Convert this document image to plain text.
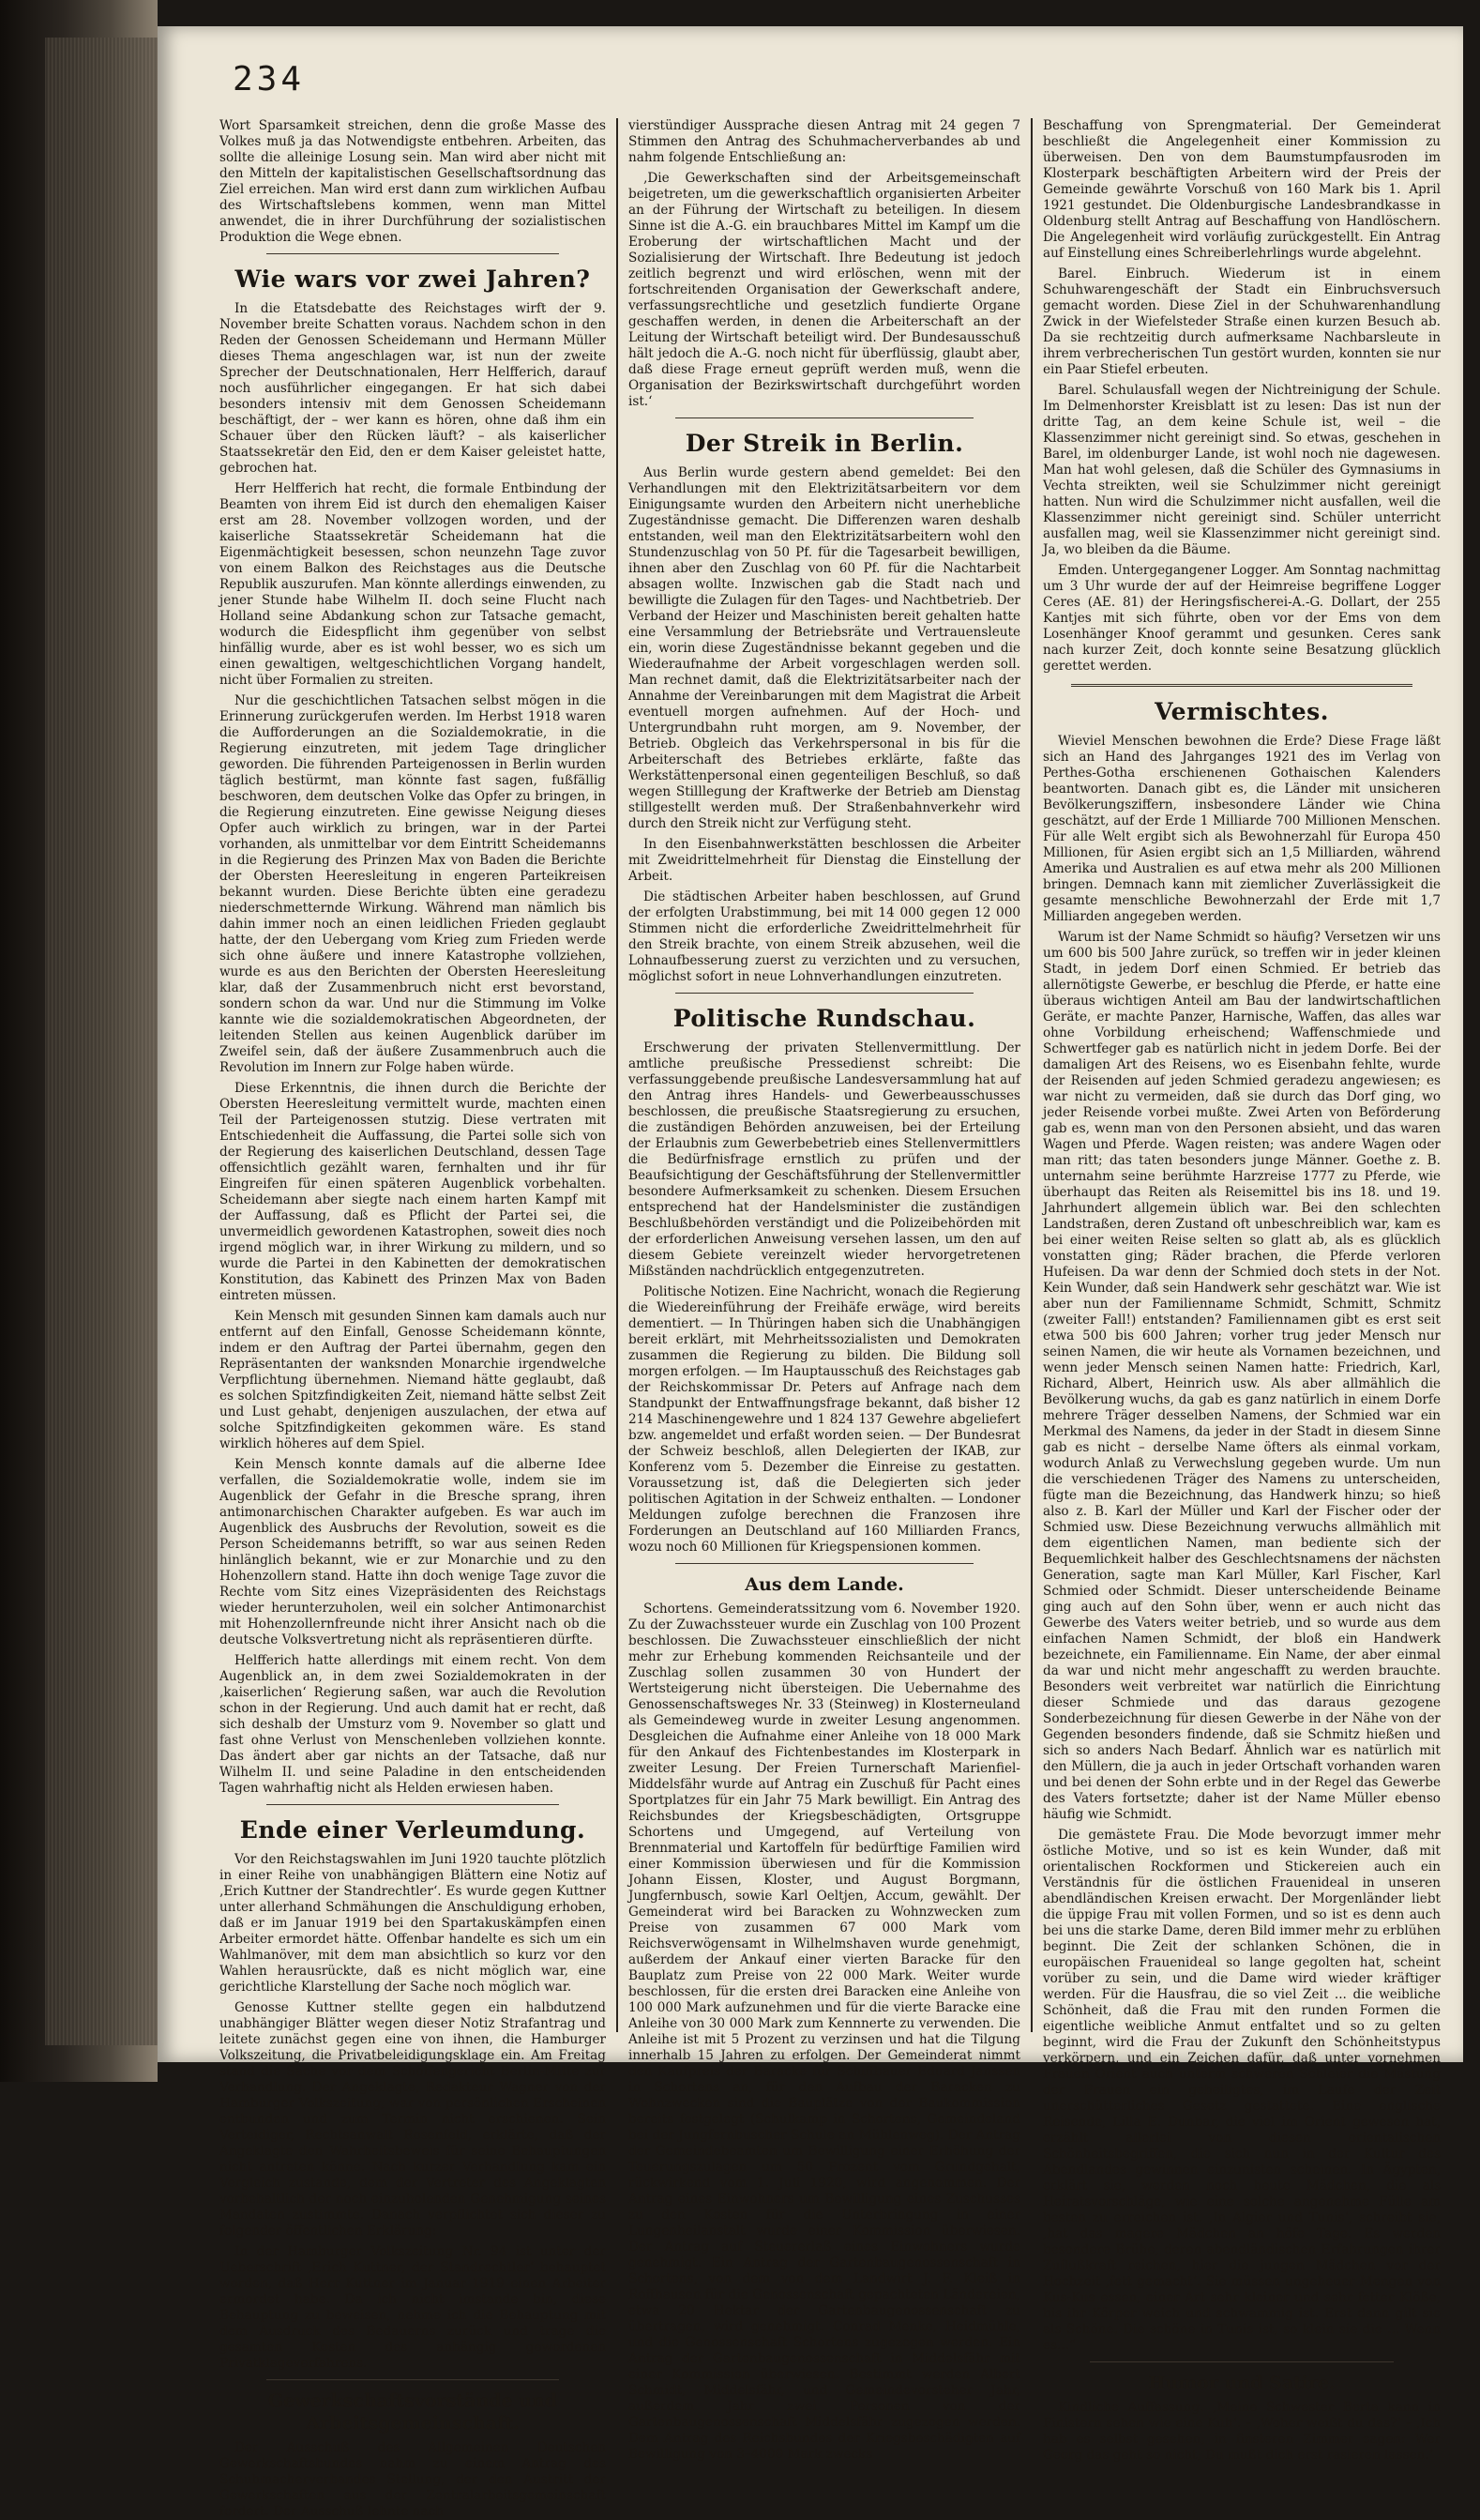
234

Wort Sparsamkeit streichen, denn die große Masse des Volkes muß ja das Notwendigste entbehren. Arbeiten, das sollte die alleinige Losung sein. Man wird aber nicht mit den Mitteln der kapitalistischen Gesellschaftsordnung das Ziel erreichen. Man wird erst dann zum wirklichen Aufbau des Wirtschaftslebens kommen, wenn man Mittel anwendet, die in ihrer Durchführung der sozialistischen Produktion die Wege ebnen.

Wie wars vor zwei Jahren?

In die Etatsdebatte des Reichstages wirft der 9. November breite Schatten voraus. Nachdem schon in den Reden der Genossen Scheidemann und Hermann Müller dieses Thema angeschlagen war, ist nun der zweite Sprecher der Deutschnationalen, Herr Helfferich, darauf noch ausführlicher eingegangen. Er hat sich dabei besonders intensiv mit dem Genossen Scheidemann beschäftigt, der – wer kann es hören, ohne daß ihm ein Schauer über den Rücken läuft? – als kaiserlicher Staatssekretär den Eid, den er dem Kaiser geleistet hatte, gebrochen hat.

Herr Helfferich hat recht, die formale Entbindung der Beamten von ihrem Eid ist durch den ehemaligen Kaiser erst am 28. November vollzogen worden, und der kaiserliche Staatssekretär Scheidemann hat die Eigenmächtigkeit besessen, schon neunzehn Tage zuvor von einem Balkon des Reichstages aus die Deutsche Republik auszurufen. Man könnte allerdings einwenden, zu jener Stunde habe Wilhelm II. doch seine Flucht nach Holland seine Abdankung schon zur Tatsache gemacht, wodurch die Eidespflicht ihm gegenüber von selbst hinfällig wurde, aber es ist wohl besser, wo es sich um einen gewaltigen, weltgeschichtlichen Vorgang handelt, nicht über Formalien zu streiten.

Nur die geschichtlichen Tatsachen selbst mögen in die Erinnerung zurückgerufen werden. Im Herbst 1918 waren die Aufforderungen an die Sozialdemokratie, in die Regierung einzutreten, mit jedem Tage dringlicher geworden. Die führenden Parteigenossen in Berlin wurden täglich bestürmt, man könnte fast sagen, fußfällig beschworen, dem deutschen Volke das Opfer zu bringen, in die Regierung einzutreten. Eine gewisse Neigung dieses Opfer auch wirklich zu bringen, war in der Partei vorhanden, als unmittelbar vor dem Eintritt Scheidemanns in die Regierung des Prinzen Max von Baden die Berichte der Obersten Heeresleitung in engeren Parteikreisen bekannt wurden. Diese Berichte übten eine geradezu niederschmetternde Wirkung. Während man nämlich bis dahin immer noch an einen leidlichen Frieden geglaubt hatte, der den Uebergang vom Krieg zum Frieden werde sich ohne äußere und innere Katastrophe vollziehen, wurde es aus den Berichten der Obersten Heeresleitung klar, daß der Zusammenbruch nicht erst bevorstand, sondern schon da war. Und nur die Stimmung im Volke kannte wie die sozialdemokratischen Abgeordneten, der leitenden Stellen aus keinen Augenblick darüber im Zweifel sein, daß der äußere Zusammenbruch auch die Revolution im Innern zur Folge haben würde.

Diese Erkenntnis, die ihnen durch die Berichte der Obersten Heeresleitung vermittelt wurde, machten einen Teil der Parteigenossen stutzig. Diese vertraten mit Entschiedenheit die Auffassung, die Partei solle sich von der Regierung des kaiserlichen Deutschland, dessen Tage offensichtlich gezählt waren, fernhalten und ihr für Eingreifen für einen späteren Augenblick vorbehalten. Scheidemann aber siegte nach einem harten Kampf mit der Auffassung, daß es Pflicht der Partei sei, die unvermeidlich gewordenen Katastrophen, soweit dies noch irgend möglich war, in ihrer Wirkung zu mildern, und so wurde die Partei in den Kabinetten der demokratischen Konstitution, das Kabinett des Prinzen Max von Baden eintreten müssen.

Kein Mensch mit gesunden Sinnen kam damals auch nur entfernt auf den Einfall, Genosse Scheidemann könnte, indem er den Auftrag der Partei übernahm, gegen den Repräsentanten der wanksnden Monarchie irgendwelche Verpflichtung übernehmen. Niemand hätte geglaubt, daß es solchen Spitzfindigkeiten Zeit, niemand hätte selbst Zeit und Lust gehabt, denjenigen auszulachen, der etwa auf solche Spitzfindigkeiten gekommen wäre. Es stand wirklich höheres auf dem Spiel.

Kein Mensch konnte damals auf die alberne Idee verfallen, die Sozialdemokratie wolle, indem sie im Augenblick der Gefahr in die Bresche sprang, ihren antimonarchischen Charakter aufgeben. Es war auch im Augenblick des Ausbruchs der Revolution, soweit es die Person Scheidemanns betrifft, so war aus seinen Reden hinlänglich bekannt, wie er zur Monarchie und zu den Hohenzollern stand. Hatte ihn doch wenige Tage zuvor die Rechte vom Sitz eines Vizepräsidenten des Reichstags wieder herunterzuholen, weil ein solcher Antimonarchist mit Hohenzollernfreunde nicht ihrer Ansicht nach ob die deutsche Volksvertretung nicht als repräsentieren dürfte.

Helfferich hatte allerdings mit einem recht. Von dem Augenblick an, in dem zwei Sozialdemokraten in der ‚kaiserlichen‘ Regierung saßen, war auch die Revolution schon in der Regierung. Und auch damit hat er recht, daß sich deshalb der Umsturz vom 9. November so glatt und fast ohne Verlust von Menschenleben vollziehen konnte. Das ändert aber gar nichts an der Tatsache, daß nur Wilhelm II. und seine Paladine in den entscheidenden Tagen wahrhaftig nicht als Helden erwiesen haben.

Ende einer Verleumdung.

Vor den Reichstagswahlen im Juni 1920 tauchte plötzlich in einer Reihe von unabhängigen Blättern eine Notiz auf ‚Erich Kuttner der Standrechtler‘. Es wurde gegen Kuttner unter allerhand Schmähungen die Anschuldigung erhoben, daß er im Januar 1919 bei den Spartakuskämpfen einen Arbeiter ermordet hätte. Offenbar handelte es sich um ein Wahlmanöver, mit dem man absichtlich so kurz vor den Wahlen herausrückte, daß es nicht möglich war, eine gerichtliche Klarstellung der Sache noch möglich war.

Genosse Kuttner stellte gegen ein halbdutzend unabhängiger Blätter wegen dieser Notiz Strafantrag und leitete zunächst gegen eine von ihnen, die Hamburger Volkszeitung, die Privatbeleidigungsklage ein. Am Freitag stand die Sache vor dem Schöffengericht Berlin-Mitte zur Verhandlung. Der Angeklagte, Redakteur Wagner von der Hamburger Volkszeitung, war von persönlichen Erscheinen entbunden und zum Termin nicht erschienen. Sein Verteidiger, Rechtsanwalt Rosenfeld, erklärte, daß der Angeklagte den Wahrheitsbeweis für seine Behauptungen nicht antreten könne. Nach kurzer Verhandlung kam ein Vergleich zustande, dem der Vertreter des Angeklagten vorbehaltlich der noch einzuholenden Genehmigung seines Mandaten zustimmte. Danach verpflichtet sich dieser zu folgender öffentlichen Erklärung:

In der Hamburger Volkszeitung Nr. 94 ist unter der Ueberschrift ‚Erich Kuttner, der Standrechtler‘ behauptet worden, daß Herr Kuttner im Januar 1919 einen Arbeiter ermordet habe. Da ich nicht imstande bin, diese Behauptung zu beweisen, nehme ich die Behauptung mit dem Ausdruck des Bedauerns zurück und trage die gesamten Kosten des anhängig gewordenen Privatklageverfahrens.

Gewerkschaftsvorstände und Arbeitsgemeinschaft.

Der Ausschuß des Allgemeinen Deutschen Gewerkschaftsbundes nahm zu einem Antrag des Schuhmacherverbandes Stellung, der den Austritt der Gewerkschaften aus der Zentralarbeitsgemeinschaft fordert. Der Ausschuß lehnte nach

vierstündiger Aussprache diesen Antrag mit 24 gegen 7 Stimmen den Antrag des Schuhmacherverbandes ab und nahm folgende Entschließung an:

‚Die Gewerkschaften sind der Arbeitsgemeinschaft beigetreten, um die gewerkschaftlich organisierten Arbeiter an der Führung der Wirtschaft zu beteiligen. In diesem Sinne ist die A.-G. ein brauchbares Mittel im Kampf um die Eroberung der wirtschaftlichen Macht und der Sozialisierung der Wirtschaft. Ihre Bedeutung ist jedoch zeitlich begrenzt und wird erlöschen, wenn mit der fortschreitenden Organisation der Gewerkschaft andere, verfassungsrechtliche und gesetzlich fundierte Organe geschaffen werden, in denen die Arbeiterschaft an der Leitung der Wirtschaft beteiligt wird. Der Bundesausschuß hält jedoch die A.-G. noch nicht für überflüssig, glaubt aber, daß diese Frage erneut geprüft werden muß, wenn die Organisation der Bezirkswirtschaft durchgeführt worden ist.‘

Der Streik in Berlin.

Aus Berlin wurde gestern abend gemeldet: Bei den Verhandlungen mit den Elektrizitätsarbeitern vor dem Einigungsamte wurden den Arbeitern nicht unerhebliche Zugeständnisse gemacht. Die Differenzen waren deshalb entstanden, weil man den Elektrizitätsarbeitern wohl den Stundenzuschlag von 50 Pf. für die Tagesarbeit bewilligen, ihnen aber den Zuschlag von 60 Pf. für die Nachtarbeit absagen wollte. Inzwischen gab die Stadt nach und bewilligte die Zulagen für den Tages- und Nachtbetrieb. Der Verband der Heizer und Maschinisten bereit gehalten hatte eine Versammlung der Betriebsräte und Vertrauensleute ein, worin diese Zugeständnisse bekannt gegeben und die Wiederaufnahme der Arbeit vorgeschlagen werden soll. Man rechnet damit, daß die Elektrizitätsarbeiter nach der Annahme der Vereinbarungen mit dem Magistrat die Arbeit eventuell morgen aufnehmen. Auf der Hoch- und Untergrundbahn ruht morgen, am 9. November, der Betrieb. Obgleich das Verkehrspersonal in bis für die Arbeiterschaft des Betriebes erklärte, faßte das Werkstättenpersonal einen gegenteiligen Beschluß, so daß wegen Stilllegung der Kraftwerke der Betrieb am Dienstag stillgestellt werden muß. Der Straßenbahnverkehr wird durch den Streik nicht zur Verfügung steht.

In den Eisenbahnwerkstätten beschlossen die Arbeiter mit Zweidrittelmehrheit für Dienstag die Einstellung der Arbeit.

Die städtischen Arbeiter haben beschlossen, auf Grund der erfolgten Urabstimmung, bei mit 14 000 gegen 12 000 Stimmen nicht die erforderliche Zweidrittelmehrheit für den Streik brachte, von einem Streik abzusehen, weil die Lohnaufbesserung zuerst zu verzichten und zu versuchen, möglichst sofort in neue Lohnverhandlungen einzutreten.

Politische Rundschau.

Erschwerung der privaten Stellenvermittlung. Der amtliche preußische Pressedienst schreibt: Die verfassunggebende preußische Landesversammlung hat auf den Antrag ihres Handels- und Gewerbeausschusses beschlossen, die preußische Staatsregierung zu ersuchen, die zuständigen Behörden anzuweisen, bei der Erteilung der Erlaubnis zum Gewerbebetrieb eines Stellenvermittlers die Bedürfnisfrage ernstlich zu prüfen und der Beaufsichtigung der Geschäftsführung der Stellenvermittler besondere Aufmerksamkeit zu schenken. Diesem Ersuchen entsprechend hat der Handelsminister die zuständigen Beschlußbehörden verständigt und die Polizeibehörden mit der erforderlichen Anweisung versehen lassen, um den auf diesem Gebiete vereinzelt wieder hervorgetretenen Mißständen nachdrücklich entgegenzutreten.

Politische Notizen. Eine Nachricht, wonach die Regierung die Wiedereinführung der Freihäfe erwäge, wird bereits dementiert. — In Thüringen haben sich die Unabhängigen bereit erklärt, mit Mehrheitssozialisten und Demokraten zusammen die Regierung zu bilden. Die Bildung soll morgen erfolgen. — Im Hauptausschuß des Reichstages gab der Reichskommissar Dr. Peters auf Anfrage nach dem Standpunkt der Entwaffnungsfrage bekannt, daß bisher 12 214 Maschinengewehre und 1 824 137 Gewehre abgeliefert bzw. angemeldet und erfaßt worden seien. — Der Bundesrat der Schweiz beschloß, allen Delegierten der IKAB, zur Konferenz vom 5. Dezember die Einreise zu gestatten. Voraussetzung ist, daß die Delegierten sich jeder politischen Agitation in der Schweiz enthalten. — Londoner Meldungen zufolge berechnen die Franzosen ihre Forderungen an Deutschland auf 160 Milliarden Francs, wozu noch 60 Millionen für Kriegspensionen kommen.

Aus dem Lande.

Schortens. Gemeinderatssitzung vom 6. November 1920. Zu der Zuwachssteuer wurde ein Zuschlag von 100 Prozent beschlossen. Die Zuwachssteuer einschließlich der nicht mehr zur Erhebung kommenden Reichsanteile und der Zuschlag sollen zusammen 30 von Hundert der Wertsteigerung nicht übersteigen. Die Uebernahme des Genossenschaftsweges Nr. 33 (Steinweg) in Klosterneuland als Gemeindeweg wurde in zweiter Lesung angenommen. Desgleichen die Aufnahme einer Anleihe von 18 000 Mark für den Ankauf des Fichtenbestandes im Klosterpark in zweiter Lesung. Der Freien Turnerschaft Marienfiel-Middelsfähr wurde auf Antrag ein Zuschuß für Pacht eines Sportplatzes für ein Jahr 75 Mark bewilligt. Ein Antrag des Reichsbundes der Kriegsbeschädigten, Ortsgruppe Schortens und Umgegend, auf Verteilung von Brennmaterial und Kartoffeln für bedürftige Familien wird einer Kommission überwiesen und für die Kommission Johann Eissen, Kloster, und August Borgmann, Jungfernbusch, sowie Karl Oeltjen, Accum, gewählt. Der Gemeinderat wird bei Baracken zu Wohnzwecken zum Preise von zusammen 67 000 Mark vom Reichsverwögensamt in Wilhelmshaven wurde genehmigt, außerdem der Ankauf einer vierten Baracke für den Bauplatz zum Preise von 22 000 Mark. Weiter wurde beschlossen, für die ersten drei Baracken eine Anleihe von 100 000 Mark aufzunehmen und für die vierte Baracke eine Anleihe von 30 000 Mark zum Kennnerte zu verwenden. Die Anleihe ist mit 5 Prozent zu verzinsen und hat die Tilgung innerhalb 15 Jahren zu erfolgen. Der Gemeinderat nimmt den Kaufpreis der Baracke für Schiffbauer Eduard Janssen in Schortens an, für den Aufbau der Baracken zu Wohnzwecken sind die Bauplätze von der Baukommission bereits festgelegt (Schulkamp in Schortens, Gemeindeland bei der Jungfernbuscher Schule an Mühlenweg). Der Antrag der Gemeindebeamten um Bewilligung einer Erhöhung der Teuerungszulagen um 50 Prozent vom Grundgehalt, rückwirkend vom 1. Juli 1920, wird angenommen. Der Antrag eines Einwohners um Bewilligung eines Zuschusses zu den Kosten für die Unterbringung in einer Lungenheilanstalt wurde einer Kommission überwiesen. Der Antrag auf Steuererlaß eines Einwohners wurde genehmigt. Ein Antrag der Gartenbaugenossenschaft in Schortens, von dem von dem Landwirt J. F. Kleiß in Roffhausen für die Genossenschaft gepachteten Ländereien, etwa 20 Hektar der Gartenbaugenossenschaft zu übertragen, wird genehmigt. Conrad Menke, Heidmühle, und die Genossenschaft Schortens zugezogen werden. Ein Antrag der Gartenbaugenossenschaft in Middelsfähr mit einer Kommission überwiesen. Bestimmt werden Albert Schmidt, Middelsfähr, und Gemeindevorsteher Jahr, außerdem Jahr zwei Personen von der Gartenbaugenossenschaft Middelsfähr zugezogen werden. Dem Antrag des Reichsbundes der Kriegsbeschädigten auf Bewilligung von 3–4000 Mark zwecks

Beschaffung von Sprengmaterial. Der Gemeinderat beschließt die Angelegenheit einer Kommission zu überweisen. Den von dem Baumstumpfausroden im Klosterpark beschäftigten Arbeitern wird der Preis der Gemeinde gewährte Vorschuß von 160 Mark bis 1. April 1921 gestundet. Die Oldenburgische Landesbrandkasse in Oldenburg stellt Antrag auf Beschaffung von Handlöschern. Die Angelegenheit wird vorläufig zurückgestellt. Ein Antrag auf Einstellung eines Schreiberlehrlings wurde abgelehnt.

Barel. Einbruch. Wiederum ist in einem Schuhwarengeschäft der Stadt ein Einbruchsversuch gemacht worden. Diese Ziel in der Schuhwarenhandlung Zwick in der Wiefelsteder Straße einen kurzen Besuch ab. Da sie rechtzeitig durch aufmerksame Nachbarsleute in ihrem verbrecherischen Tun gestört wurden, konnten sie nur ein Paar Stiefel erbeuten.

Barel. Schulausfall wegen der Nichtreinigung der Schule. Im Delmenhorster Kreisblatt ist zu lesen: Das ist nun der dritte Tag, an dem keine Schule ist, weil – die Klassenzimmer nicht gereinigt sind. So etwas, geschehen in Barel, im oldenburger Lande, ist wohl noch nie dagewesen. Man hat wohl gelesen, daß die Schüler des Gymnasiums in Vechta streikten, weil sie Schulzimmer nicht gereinigt hatten. Nun wird die Schulzimmer nicht ausfallen, weil die Klassenzimmer nicht gereinigt sind. Schüler unterricht ausfallen mag, weil sie Klassenzimmer nicht gereinigt sind. Ja, wo bleiben da die Bäume.

Emden. Untergegangener Logger. Am Sonntag nachmittag um 3 Uhr wurde der auf der Heimreise begriffene Logger Ceres (AE. 81) der Heringsfischerei-A.-G. Dollart, der 255 Kantjes mit sich führte, oben vor der Ems von dem Losenhänger Knoof gerammt und gesunken. Ceres sank nach kurzer Zeit, doch konnte seine Besatzung glücklich gerettet werden.

Vermischtes.

Wieviel Menschen bewohnen die Erde? Diese Frage läßt sich an Hand des Jahrganges 1921 des im Verlag von Perthes-Gotha erschienenen Gothaischen Kalenders beantworten. Danach gibt es, die Länder mit unsicheren Bevölkerungsziffern, insbesondere Länder wie China geschätzt, auf der Erde 1 Milliarde 700 Millionen Menschen. Für alle Welt ergibt sich als Bewohnerzahl für Europa 450 Millionen, für Asien ergibt sich an 1,5 Milliarden, während Amerika und Australien es auf etwa mehr als 200 Millionen bringen. Demnach kann mit ziemlicher Zuverlässigkeit die gesamte menschliche Bewohnerzahl der Erde mit 1,7 Milliarden angegeben werden.

Warum ist der Name Schmidt so häufig? Versetzen wir uns um 600 bis 500 Jahre zurück, so treffen wir in jeder kleinen Stadt, in jedem Dorf einen Schmied. Er betrieb das allernötigste Gewerbe, er beschlug die Pferde, er hatte eine überaus wichtigen Anteil am Bau der landwirtschaftlichen Geräte, er machte Panzer, Harnische, Waffen, das alles war ohne Vorbildung erheischend; Waffenschmiede und Schwertfeger gab es natürlich nicht in jedem Dorfe. Bei der damaligen Art des Reisens, wo es Eisenbahn fehlte, wurde der Reisenden auf jeden Schmied geradezu angewiesen; es war nicht zu vermeiden, daß sie durch das Dorf ging, wo jeder Reisende vorbei mußte. Zwei Arten von Beförderung gab es, wenn man von den Personen absieht, und das waren Wagen und Pferde. Wagen reisten; was andere Wagen oder man ritt; das taten besonders junge Männer. Goethe z. B. unternahm seine berühmte Harzreise 1777 zu Pferde, wie überhaupt das Reiten als Reisemittel bis ins 18. und 19. Jahrhundert allgemein üblich war. Bei den schlechten Landstraßen, deren Zustand oft unbeschreiblich war, kam es bei einer weiten Reise selten so glatt ab, als es glücklich vonstatten ging; Räder brachen, die Pferde verloren Hufeisen. Da war denn der Schmied doch stets in der Not. Kein Wunder, daß sein Handwerk sehr geschätzt war. Wie ist aber nun der Familienname Schmidt, Schmitt, Schmitz (zweiter Fall!) entstanden? Familiennamen gibt es erst seit etwa 500 bis 600 Jahren; vorher trug jeder Mensch nur seinen Namen, die wir heute als Vornamen bezeichnen, und wenn jeder Mensch seinen Namen hatte: Friedrich, Karl, Richard, Albert, Heinrich usw. Als aber allmählich die Bevölkerung wuchs, da gab es ganz natürlich in einem Dorfe mehrere Träger desselben Namens, der Schmied war ein Merkmal des Namens, da jeder in der Stadt in diesem Sinne gab es nicht – derselbe Name öfters als einmal vorkam, wodurch Anlaß zu Verwechslung gegeben wurde. Um nun die verschiedenen Träger des Namens zu unterscheiden, fügte man die Bezeichnung, das Handwerk hinzu; so hieß also z. B. Karl der Müller und Karl der Fischer oder der Schmied usw. Diese Bezeichnung verwuchs allmählich mit dem eigentlichen Namen, man bediente sich der Bequemlichkeit halber des Geschlechtsnamens der nächsten Generation, sagte man Karl Müller, Karl Fischer, Karl Schmied oder Schmidt. Dieser unterscheidende Beiname ging auch auf den Sohn über, wenn er auch nicht das Gewerbe des Vaters weiter betrieb, und so wurde aus dem einfachen Namen Schmidt, der bloß ein Handwerk bezeichnete, ein Familienname. Ein Name, der aber einmal da war und nicht mehr angeschafft zu werden brauchte. Besonders weit verbreitet war natürlich die Einrichtung dieser Schmiede und das daraus gezogene Sonderbezeichnung für diesen Gewerbe in der Nähe von der Gegenden besonders findende, daß sie Schmitz hießen und sich so anders Nach Bedarf. Ähnlich war es natürlich mit den Müllern, die ja auch in jeder Ortschaft vorhanden waren und bei denen der Sohn erbte und in der Regel das Gewerbe des Vaters fortsetzte; daher ist der Name Müller ebenso häufig wie Schmidt.

Die gemästete Frau. Die Mode bevorzugt immer mehr östliche Motive, und so ist es kein Wunder, daß mit orientalischen Rockformen und Stickereien auch ein Verständnis für die östlichen Frauenideal in unseren abendländischen Kreisen erwacht. Der Morgenländer liebt die üppige Frau mit vollen Formen, und so ist es denn auch bei uns die starke Dame, deren Bild immer mehr zu erblühen beginnt. Die Zeit der schlanken Schönen, die in europäischen Frauenideal so lange gegolten hat, scheint vorüber zu sein, und die Dame wird wieder kräftiger werden. Für die Hausfrau, die so viel Zeit ... die weibliche Schönheit, daß die Frau mit den runden Formen die eigentliche weibliche Anmut entfaltet und so zu gelten beginnt, wird die Frau der Zukunft den Schönheitstypus verkörpern, und ein Zeichen dafür, daß unter vornehmen Frauen Orient auch unterm schweren Schleier die Mästung der Frauen ein geheiligtes, im Laufe der Zeit unerschütterliches Gesetz gestattete. Eine englische Reisende, Lilla E. Dunbar, die viel im Orient gewesen hat, erzählt allerlei von diesen orientalischen Schönheitsbegriffen, die sich nun in der Kultur des Abendlandes gewinnen einzunisten scheinen. In Ägypten, erklärt sie, werden noch heute Mädchen, die als Heiratsvorschläge, wie eine solche angenehme Fülle am besten zu erreichen ist. ‚In Algier und Tunis‘, schreibt sie, ‚hat das magere Mädchen an höfe Tage. Es werden besondere Brühe, deren abendländischen Erfahrungen ihrer Zuflußkraft reichen, hier die jungen Mädchen vor der Hochzeit ‚fett gemacht‘. Sie müssen ungeheuer Mengen von Kus-Kus essen, einer Art sehr kleiner und sehr fetter Klöße, bis ihr Körper weich und schwammig ist. Erst dann gilt sie als Schöne. Die schöne in Tunis ist, so klein sie die ... Wenn es...“

Humor und Satire.

Kindliche Auffassung. ‚Meine Schwester Berta kann in Finistern sehen wie eine Kuh‘. – ‚Woher weißt du das?‘ – ‚Ich hab es selbst gesehen, in finsteren Zimmer sagen: Wer Georg das geht so nicht, Du mußt dich erst rasieren lassen.‘
